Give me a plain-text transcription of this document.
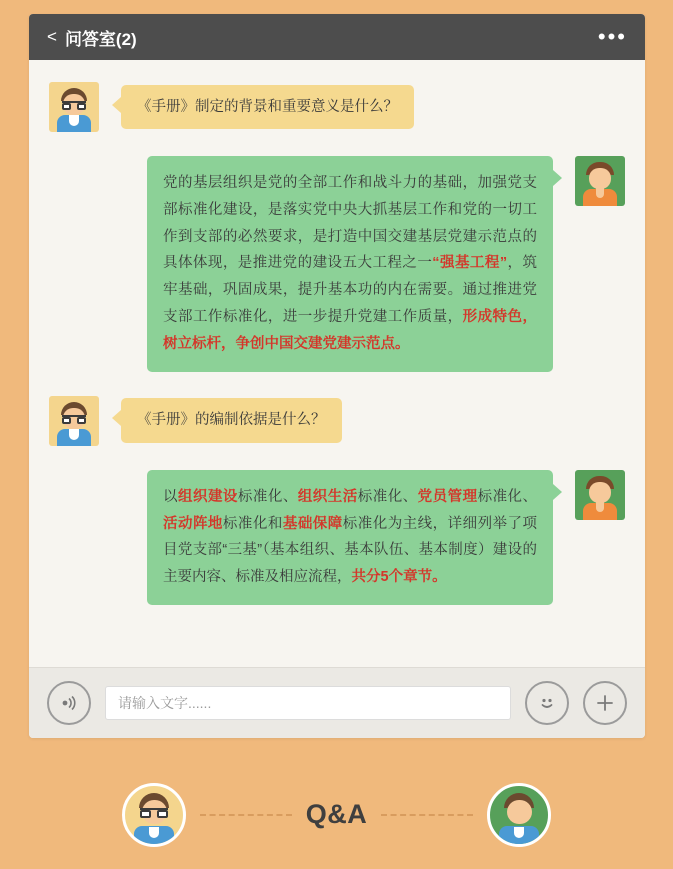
< 问答室(2)	•••
《手册》制定的背景和重要意义是什么？
党的基层组织是党的全部工作和战斗力的基础，加强党支部标准化建设，是落实党中央大抓基层工作和党的一切工作到支部的必然要求，是打造中国交建基层党建示范点的具体体现，是推进党的建设五大工程之一“强基工程”，筑牢基础，巩固成果，提升基本功的内在需要。通过推进党支部工作标准化，进一步提升党建工作质量，形成特色，树立标杆，争创中国交建党建示范点。
《手册》的编制依据是什么？
以组织建设标准化、组织生活标准化、党员管理标准化、活动阵地标准化和基础保障标准化为主线，详细列举了项目党支部“三基”（基本组织、基本队伍、基本制度）建设的主要内容、标准及相应流程，共分5个章节。
请输入文字......
Q&A
